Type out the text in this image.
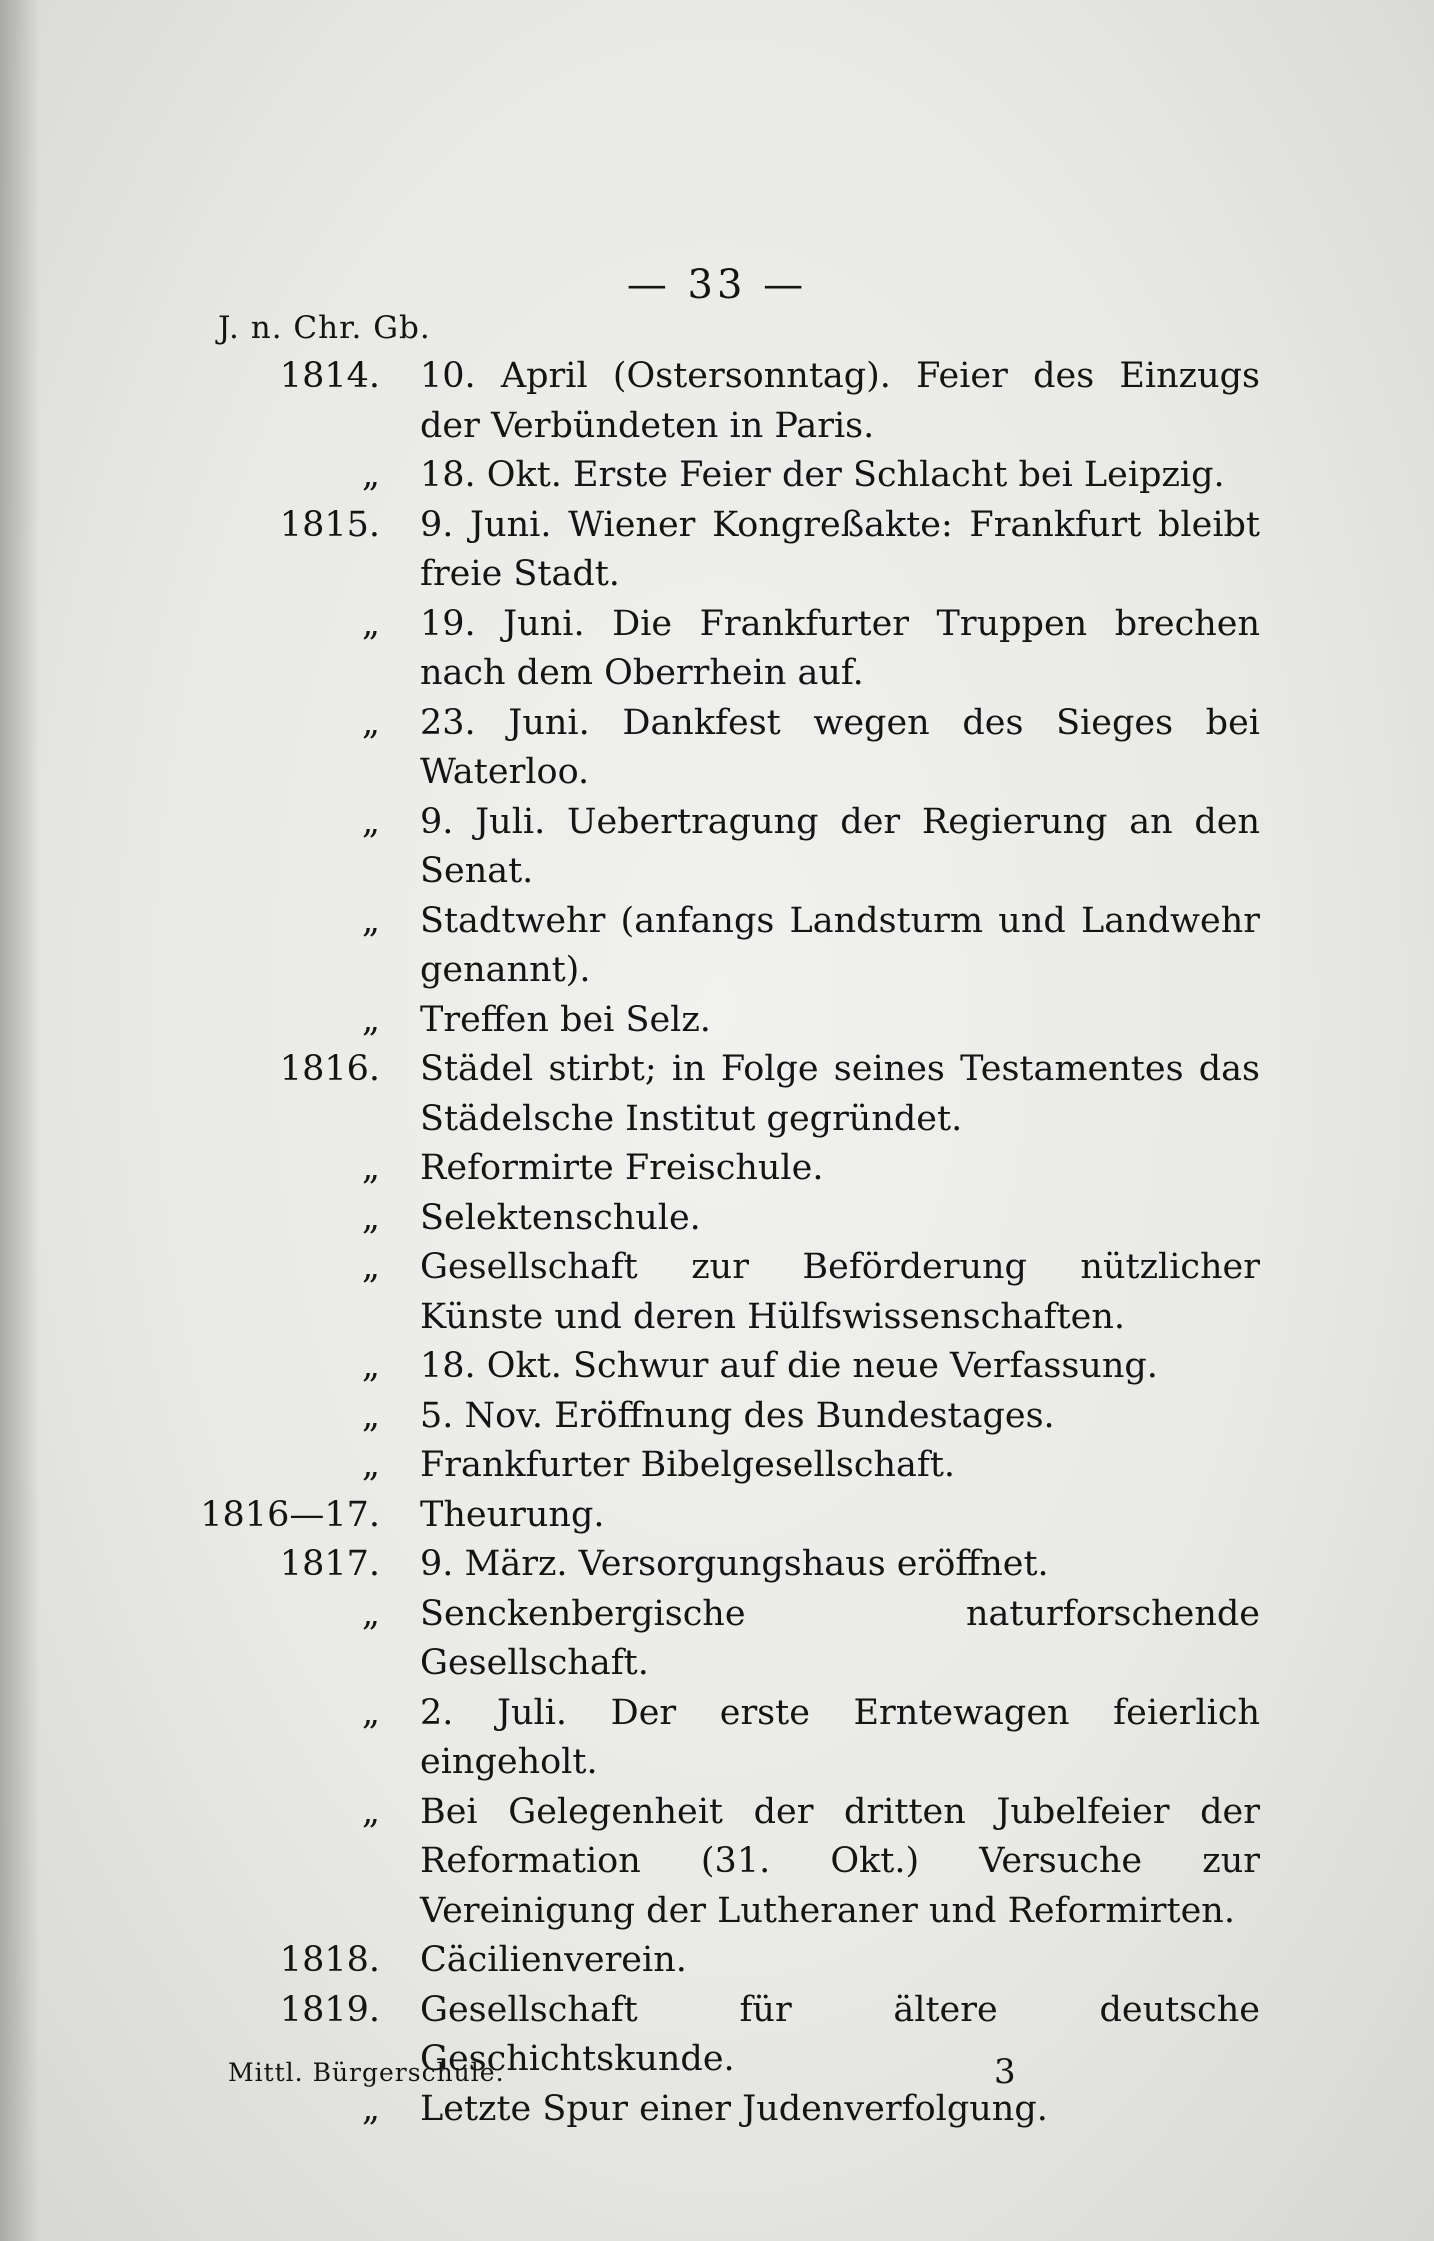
— 33 —
J. n. Chr. Gb.
1814. 10. April (Ostersonntag). Feier des Einzugs der Verbündeten in Paris.
„ 18. Okt. Erste Feier der Schlacht bei Leipzig.
1815. 9. Juni. Wiener Kongreßakte: Frankfurt bleibt freie Stadt.
„ 19. Juni. Die Frankfurter Truppen brechen nach dem Oberrhein auf.
„ 23. Juni. Dankfest wegen des Sieges bei Waterloo.
„ 9. Juli. Uebertragung der Regierung an den Senat.
„ Stadtwehr (anfangs Landsturm und Landwehr genannt).
„ Treffen bei Selz.
1816. Städel stirbt; in Folge seines Testamentes das Städelsche Institut gegründet.
„ Reformirte Freischule.
„ Selektenschule.
„ Gesellschaft zur Beförderung nützlicher Künste und deren Hülfswissenschaften.
„ 18. Okt. Schwur auf die neue Verfassung.
„ 5. Nov. Eröffnung des Bundestages.
„ Frankfurter Bibelgesellschaft.
1816—17. Theurung.
1817. 9. März. Versorgungshaus eröffnet.
„ Senckenbergische naturforschende Gesellschaft.
„ 2. Juli. Der erste Erntewagen feierlich eingeholt.
„ Bei Gelegenheit der dritten Jubelfeier der Reformation (31. Okt.) Versuche zur Vereinigung der Lutheraner und Reformirten.
1818. Cäcilienverein.
1819. Gesellschaft für ältere deutsche Geschichtskunde.
„ Letzte Spur einer Judenverfolgung.
Mittl. Bürgerschule.	3
